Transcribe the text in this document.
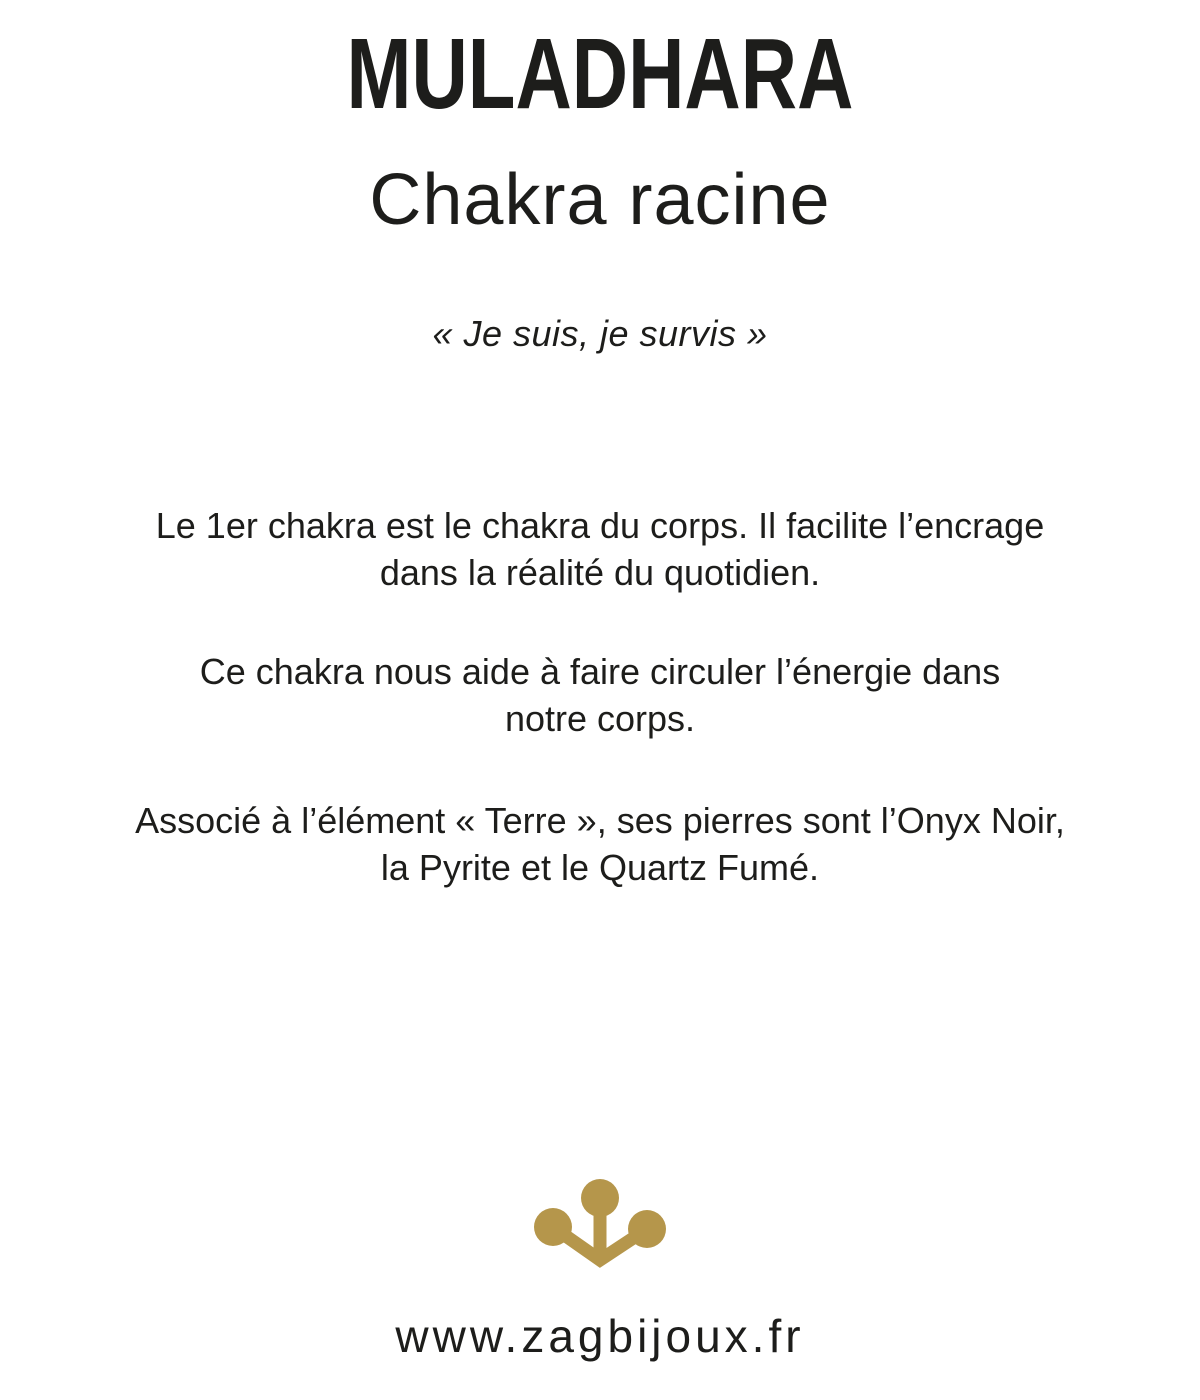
MULADHARA
Chakra racine
« Je suis, je survis »

Le 1er chakra est le chakra du corps. Il facilite l’encrage
dans la réalité du quotidien.

Ce chakra nous aide à faire circuler l’énergie dans
notre corps.

Associé à l’élément « Terre », ses pierres sont l’Onyx Noir,
la Pyrite et le Quartz Fumé.

www.zagbijoux.fr
